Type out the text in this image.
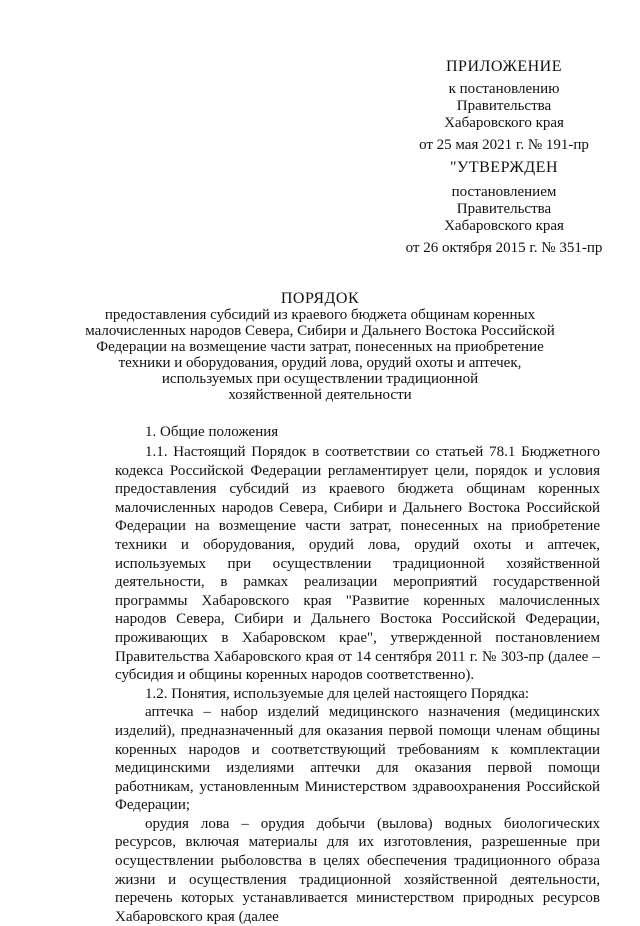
ПРИЛОЖЕНИЕ
к постановлению
Правительства
Хабаровского края
от 25 мая 2021 г. № 191-пр
"УТВЕРЖДЕН
постановлением
Правительства
Хабаровского края
от 26 октября 2015 г. № 351-пр
ПОРЯДОК
предоставления субсидий из краевого бюджета общинам коренных
малочисленных народов Севера, Сибири и Дальнего Востока Российской
Федерации на возмещение части затрат, понесенных на приобретение
техники и оборудования, орудий лова, орудий охоты и аптечек,
используемых при осуществлении традиционной
хозяйственной деятельности
1. Общие положения

1.1. Настоящий Порядок в соответствии со статьей 78.1 Бюджетного кодекса Российской Федерации регламентирует цели, порядок и условия предоставления субсидий из краевого бюджета общинам коренных малочисленных народов Севера, Сибири и Дальнего Востока Российской Федерации на возмещение части затрат, понесенных на приобретение техники и оборудования, орудий лова, орудий охоты и аптечек, используемых при осуществлении традиционной хозяйственной деятельности, в рамках реализации мероприятий государственной программы Хабаровского края "Развитие коренных малочисленных народов Севера, Сибири и Дальнего Востока Российской Федерации, проживающих в Хабаровском крае", утвержденной постановлением Правительства Хабаровского края от 14 сентября 2011 г. № 303-пр (далее – субсидия и общины коренных народов соответственно).

1.2. Понятия, используемые для целей настоящего Порядка:

аптечка – набор изделий медицинского назначения (медицинских изделий), предназначенный для оказания первой помощи членам общины коренных народов и соответствующий требованиям к комплектации медицинскими изделиями аптечки для оказания первой помощи работникам, установленным Министерством здравоохранения Российской Федерации;

орудия лова – орудия добычи (вылова) водных биологических ресурсов, включая материалы для их изготовления, разрешенные при осуществлении рыболовства в целях обеспечения традиционного образа жизни и осуществления традиционной хозяйственной деятельности, перечень которых устанавливается министерством природных ресурсов Хабаровского края (далее
